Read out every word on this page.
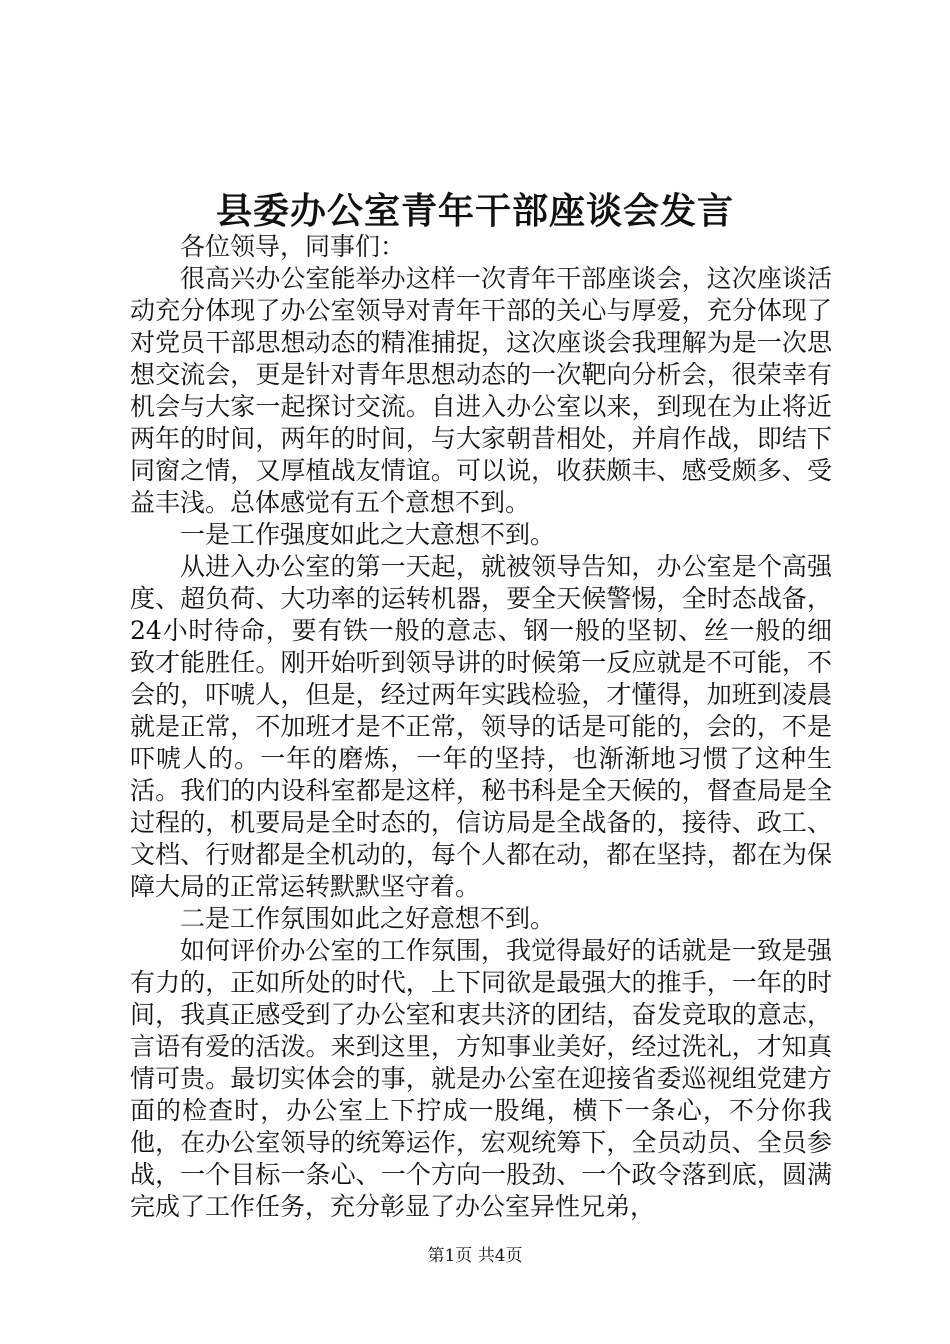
县委办公室青年干部座谈会发言

各位领导，同事们：

很高兴办公室能举办这样一次青年干部座谈会，这次座谈活动充分体现了办公室领导对青年干部的关心与厚爱，充分体现了对党员干部思想动态的精准捕捉，这次座谈会我理解为是一次思想交流会，更是针对青年思想动态的一次靶向分析会，很荣幸有机会与大家一起探讨交流。自进入办公室以来，到现在为止将近两年的时间，两年的时间，与大家朝昔相处，并肩作战，即结下同窗之情，又厚植战友情谊。可以说，收获颇丰、感受颇多、受益丰浅。总体感觉有五个意想不到。

一是工作强度如此之大意想不到。

从进入办公室的第一天起，就被领导告知，办公室是个高强度、超负荷、大功率的运转机器，要全天候警惕，全时态战备，24小时待命，要有铁一般的意志、钢一般的坚韧、丝一般的细致才能胜任。刚开始听到领导讲的时候第一反应就是不可能，不会的，吓唬人，但是，经过两年实践检验，才懂得，加班到凌晨就是正常，不加班才是不正常，领导的话是可能的，会的，不是吓唬人的。一年的磨炼，一年的坚持，也渐渐地习惯了这种生活。我们的内设科室都是这样，秘书科是全天候的，督查局是全过程的，机要局是全时态的，信访局是全战备的，接待、政工、文档、行财都是全机动的，每个人都在动，都在坚持，都在为保障大局的正常运转默默坚守着。

二是工作氛围如此之好意想不到。

如何评价办公室的工作氛围，我觉得最好的话就是一致是强有力的，正如所处的时代，上下同欲是最强大的推手，一年的时间，我真正感受到了办公室和衷共济的团结，奋发竞取的意志，言语有爱的活泼。来到这里，方知事业美好，经过洗礼，才知真情可贵。最切实体会的事，就是办公室在迎接省委巡视组党建方面的检查时，办公室上下拧成一股绳，横下一条心，不分你我他，在办公室领导的统筹运作，宏观统筹下，全员动员、全员参战，一个目标一条心、一个方向一股劲、一个政令落到底，圆满完成了工作任务，充分彰显了办公室异性兄弟，

第1页 共4页
